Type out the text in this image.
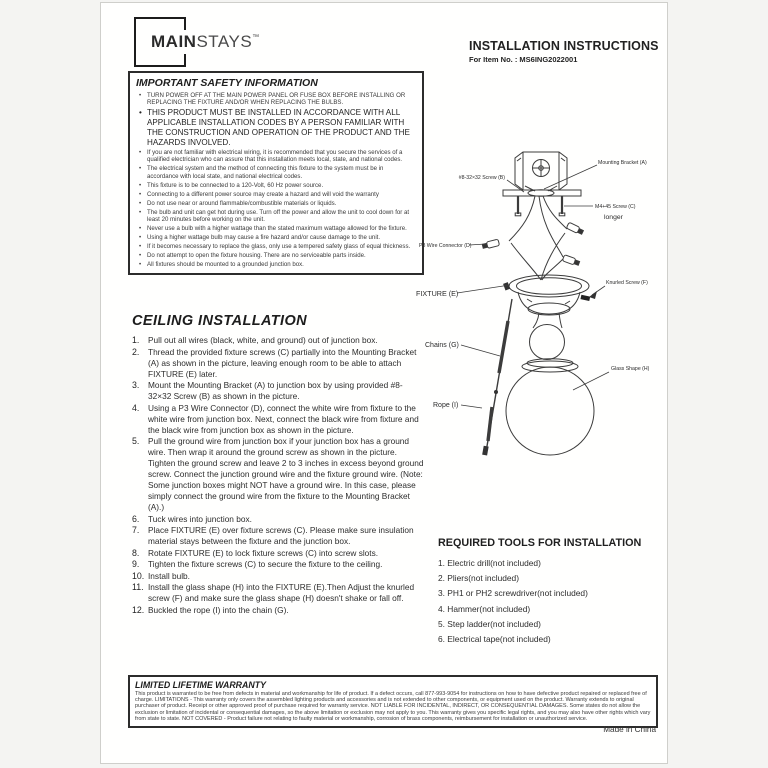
MAINSTAYS™
INSTALLATION INSTRUCTIONS
For Item No. : MS6ING2022001
IMPORTANT SAFETY INFORMATION
• TURN POWER OFF AT THE MAIN POWER PANEL OR FUSE BOX BEFORE INSTALLING OR REPLACING THE FIXTURE AND/OR WHEN REPLACING THE BULBS.
• THIS PRODUCT MUST BE INSTALLED IN ACCORDANCE WITH ALL APPLICABLE INSTALLATION CODES BY A PERSON FAMILIAR WITH THE CONSTRUCTION AND OPERATION OF THE PRODUCT AND THE HAZARDS INVOLVED.
• If you are not familiar with electrical wiring, it is recommended that you secure the services of a qualified electrician who can assure that this installation meets local, state, and national codes.
• The electrical system and the method of connecting this fixture to the system must be in accordance with local state, and national electrical codes.
• This fixture is to be connected to a 120-Volt, 60 Hz power source.
• Connecting to a different power source may create a hazard and will void the warranty
• Do not use near or around flammable/combustible materials or liquids.
• The bulb and unit can get hot during use. Turn off the power and allow the unit to cool down for at least 20 minutes before working on the unit.
• Never use a bulb with a higher wattage than the stated maximum wattage allowed for the fixture.
• Using a higher wattage bulb may cause a fire hazard and/or cause damage to the unit.
• If it becomes necessary to replace the glass, only use a tempered safety glass of equal thickness.
• Do not attempt to open the fixture housing. There are no serviceable parts inside.
• All fixtures should be mounted to a grounded junction box.
CEILING INSTALLATION
1.	Pull out all wires (black, white, and ground) out of junction box.
2.	Thread the provided fixture screws (C) partially into the Mounting Bracket (A) as shown in the picture, leaving enough room to be able to attach FIXTURE (E) later.
3.	Mount the Mounting Bracket (A) to junction box by using provided #8-32×32 Screw (B) as shown in the picture.
4.	Using a P3 Wire Connector (D), connect the white wire from fixture to the white wire from junction box. Next, connect the black wire from fixture and the black wire from junction box as shown in the picture.
5.	Pull the ground wire from junction box if your junction box has a ground wire. Then wrap it around the ground screw as shown in the picture. Tighten the ground screw and leave 2 to 3 inches in excess beyond ground screw. Connect the junction ground wire and the fixture ground wire. (Note: Some junction boxes might NOT have a ground wire. In this case, please simply connect the ground wire from the fixture to the Mounting Bracket (A).)
6.	Tuck wires into junction box.
7.	Place FIXTURE (E) over fixture screws (C). Please make sure insulation material stays between the fixture and the junction box.
8.	Rotate FIXTURE (E) to lock fixture screws (C) into screw slots.
9.	Tighten the fixture screws (C) to secure the fixture to the ceiling.
10. Install bulb.
11. Install the glass shape (H) into the FIXTURE (E).Then Adjust the knurled screw (F) and make sure the glass shape (H) doesn't shake or fall off.
12. Buckled the rope (I) into the chain (G).
Mounting Bracket (A)
#8-32×32 Screw (B)
M4+45 Screw (C)
longer
P3 Wire Connector (D)
FIXTURE (E)
Knurled Screw (F)
Chains (G)
Glass Shape (H)
Rope (I)
REQUIRED TOOLS FOR INSTALLATION
1. Electric drill(not included)
2. Pliers(not included)
3. PH1 or PH2 screwdriver(not included)
4. Hammer(not included)
5. Step ladder(not included)
6. Electrical tape(not included)
LIMITED LIFETIME WARRANTY
This product is warranted to be free from defects in material and workmanship for life of product. If a defect occurs, call 877-993-9054 for instructions on how to have defective product repaired or replaced free of charge. LIMITATIONS - This warranty only covers the assembled lighting products and accessories and is not extended to other components, or equipment used on the product. Warranty extends to original purchaser of product. Receipt or other approved proof of purchase required for warranty service. NOT LIABLE FOR INCIDENTAL, INDIRECT, OR CONSEQUENTIAL DAMAGES. Some states do not allow the exclusion or limitation of incidental or consequential damages, so the above limitation or exclusion may not apply to you. This warranty gives you specific legal rights, and you may also have other rights which vary from state to state. NOT COVERED - Product failure not relating to faulty material or workmanship, corrosion of brass components, reimbursement for installation or unauthorized service.
Made in China
